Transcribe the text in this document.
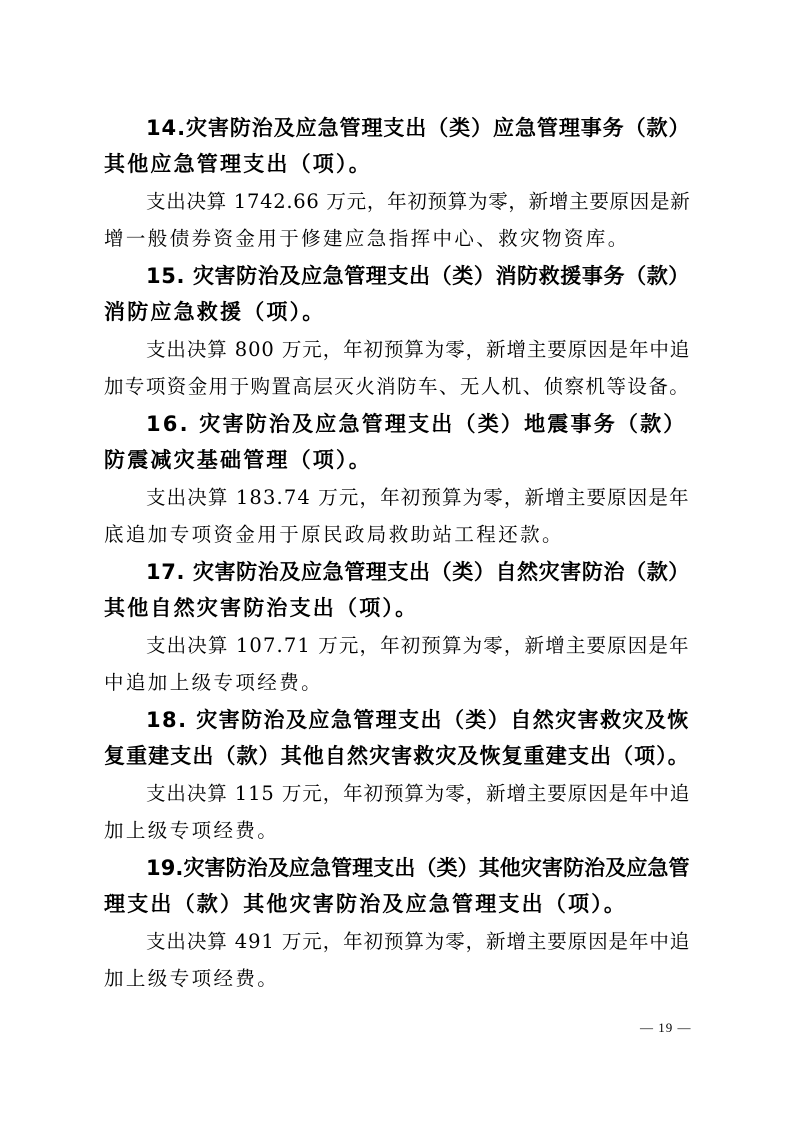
14.灾害防治及应急管理支出（类）应急管理事务（款）
其他应急管理支出（项）。
支出决算 1742.66 万元，年初预算为零，新增主要原因是新
增一般债券资金用于修建应急指挥中心、救灾物资库。
15. 灾害防治及应急管理支出（类）消防救援事务（款）
消防应急救援（项）。
支出决算 800 万元，年初预算为零，新增主要原因是年中追
加专项资金用于购置高层灭火消防车、无人机、侦察机等设备。
16. 灾害防治及应急管理支出（类）地震事务（款）
防震减灾基础管理（项）。
支出决算 183.74 万元，年初预算为零，新增主要原因是年
底追加专项资金用于原民政局救助站工程还款。
17. 灾害防治及应急管理支出（类）自然灾害防治（款）
其他自然灾害防治支出（项）。
支出决算 107.71 万元，年初预算为零，新增主要原因是年
中追加上级专项经费。
18. 灾害防治及应急管理支出（类）自然灾害救灾及恢
复重建支出（款）其他自然灾害救灾及恢复重建支出（项）。
支出决算 115 万元，年初预算为零，新增主要原因是年中追
加上级专项经费。
19.灾害防治及应急管理支出（类）其他灾害防治及应急管
理支出（款）其他灾害防治及应急管理支出（项）。
支出决算 491 万元，年初预算为零，新增主要原因是年中追
加上级专项经费。
— 19 —
